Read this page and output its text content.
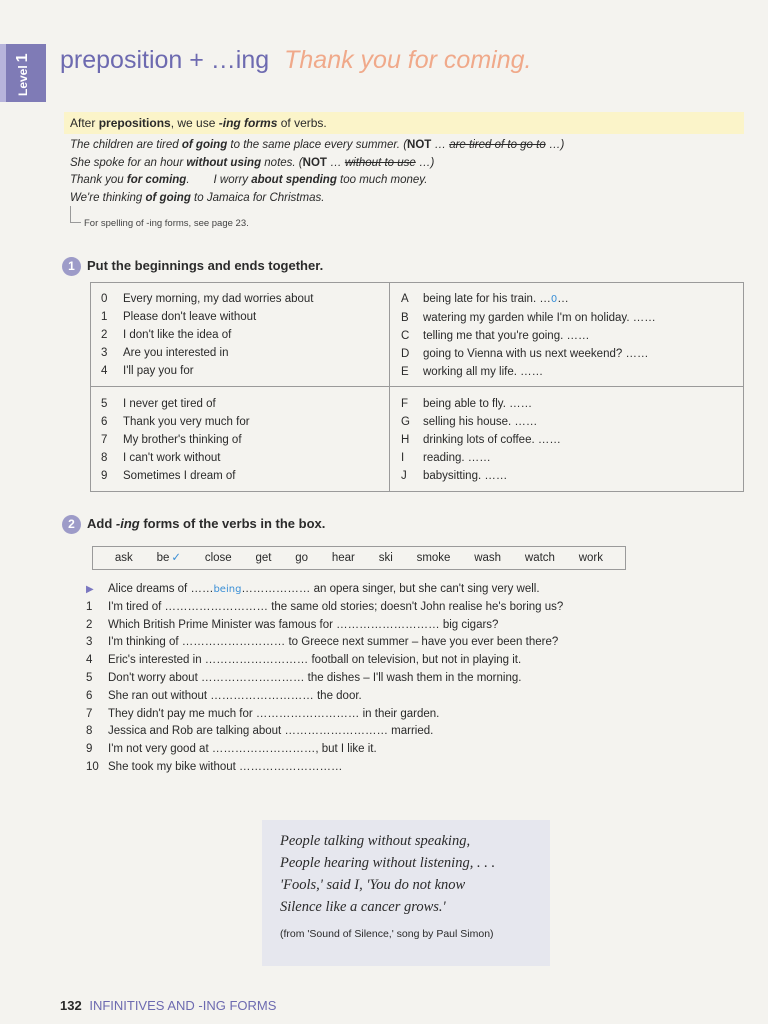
Level1 preposition + …ing Thank you for coming.
After prepositions, we use -ing forms of verbs.
The children are tired of going to the same place every summer. (NOT … are tired of to go to …)
She spoke for an hour without using notes. (NOT … without to use …)
Thank you for coming. I worry about spending too much money.
We're thinking of going to Jamaica for Christmas.
For spelling of -ing forms, see page 23.
1 Put the beginnings and ends together.
0 Every morning, my dad worries about
1 Please don't leave without
2 I don't like the idea of
3 Are you interested in
4 I'll pay you for
A being late for his train. …0…
B watering my garden while I'm on holiday. ……
C telling me that you're going. ……
D going to Vienna with us next weekend? ……
E working all my life. ……
5 I never get tired of
6 Thank you very much for
7 My brother's thinking of
8 I can't work without
9 Sometimes I dream of
F being able to fly. ……
G selling his house. ……
H drinking lots of coffee. ……
I reading. ……
J babysitting. ……
2 Add -ing forms of the verbs in the box.
ask be ✓ close get go hear ski smoke wash watch work
▶ Alice dreams of ……being……………… an opera singer, but she can't sing very well.
1 I'm tired of ……………………… the same old stories; doesn't John realise he's boring us?
2 Which British Prime Minister was famous for ……………………… big cigars?
3 I'm thinking of ……………………… to Greece next summer – have you ever been there?
4 Eric's interested in ……………………… football on television, but not in playing it.
5 Don't worry about ……………………… the dishes – I'll wash them in the morning.
6 She ran out without ……………………… the door.
7 They didn't pay me much for ……………………… in their garden.
8 Jessica and Rob are talking about ……………………… married.
9 I'm not very good at ………………………, but I like it.
10 She took my bike without ………………………
People talking without speaking,
People hearing without listening, . . .
'Fools,' said I, 'You do not know
Silence like a cancer grows.'
(from 'Sound of Silence,' song by Paul Simon)
132 INFINITIVES AND -ING FORMS
